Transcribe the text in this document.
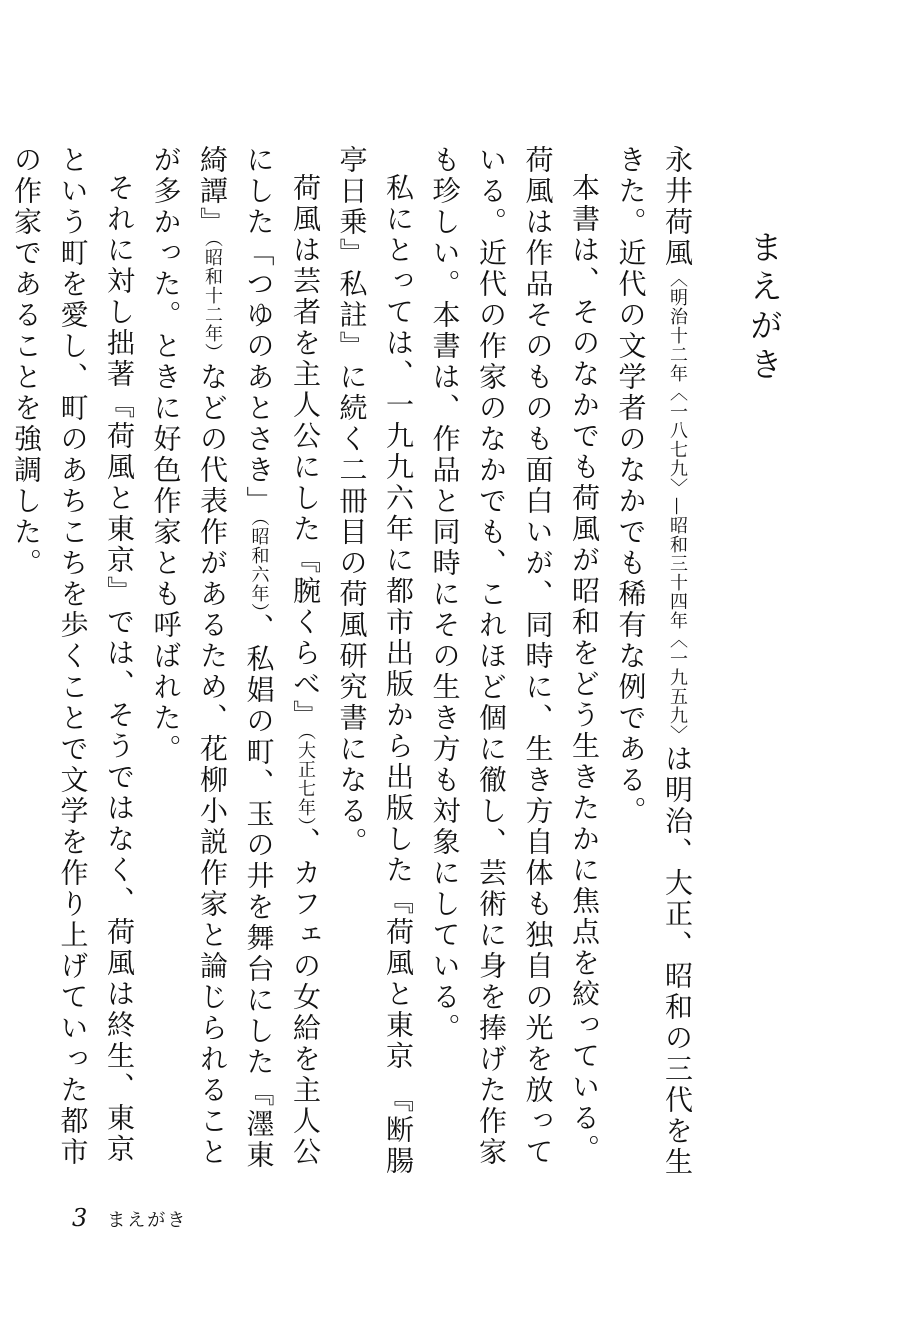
まえがき

永井荷風〈明治十二年〈一八七九〉—昭和三十四年〈一九五九〉は明治、大正、昭和の三代を生きた。近代の文学者のなかでも稀有な例である。

本書は、そのなかでも荷風が昭和をどう生きたかに焦点を絞っている。荷風は作品そのものも面白いが、同時に、生き方自体も独自の光を放っている。近代の作家のなかでも、これほど個に徹し、芸術に身を捧げた作家も珍しい。本書は、作品と同時にその生き方も対象にしている。

私にとっては、一九九六年に都市出版から出版した『荷風と東京 『断腸亭日乗』私註』に続く二冊目の荷風研究書になる。

荷風は芸者を主人公にした『腕くらべ』（大正七年）、カフェの女給を主人公にした「つゆのあとさき」（昭和六年）、私娼の町、玉の井を舞台にした『濹東綺譚』（昭和十二年）などの代表作があるため、花柳小説作家と論じられることが多かった。ときに好色作家とも呼ばれた。

それに対し拙著『荷風と東京』では、そうではなく、荷風は終生、東京という町を愛し、町のあちこちを歩くことで文学を作り上げていった都市の作家であることを強調した。

3 まえがき
